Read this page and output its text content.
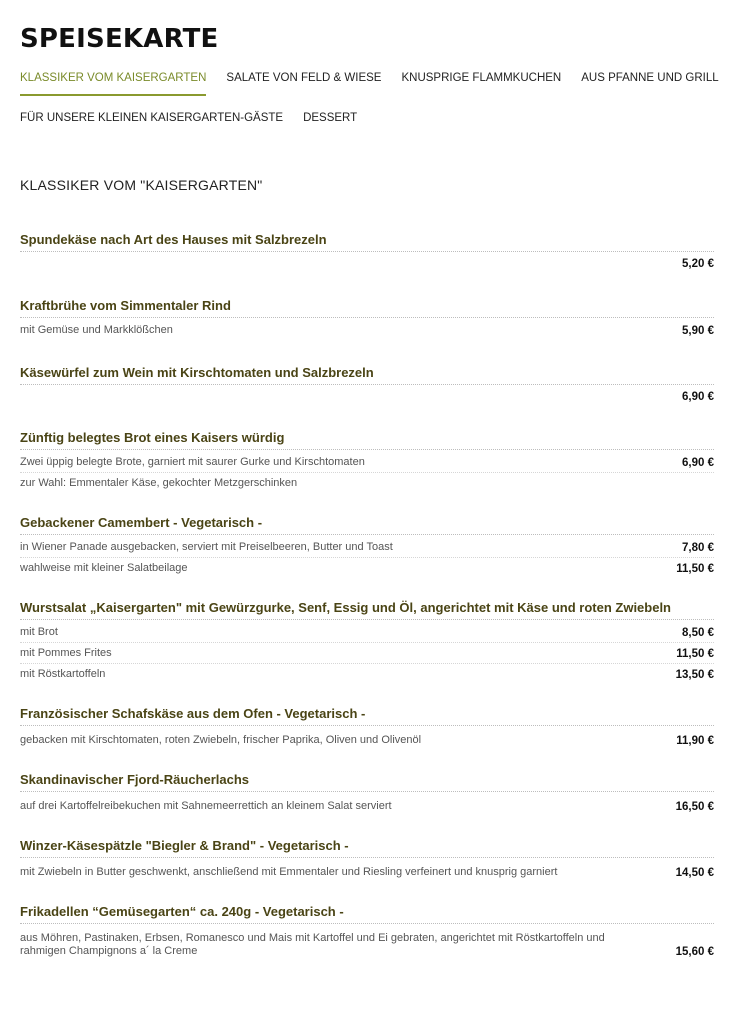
SPEISEKARTE
KLASSIKER VOM KAISERGARTEN SALATE VON FELD & WIESE KNUSPRIGE FLAMMKUCHEN AUS PFANNE UND GRILL
FÜR UNSERE KLEINEN KAISERGARTEN-GÄSTE DESSERT
KLASSIKER VOM "KAISERGARTEN"
Spundekäse nach Art des Hauses mit Salzbrezeln
5,20 €
Kraftbrühe vom Simmentaler Rind
mit Gemüse und Markklößchen	5,90 €
Käsewürfel zum Wein mit Kirschtomaten und Salzbrezeln
6,90 €
Zünftig belegtes Brot eines Kaisers würdig
Zwei üppig belegte Brote, garniert mit saurer Gurke und Kirschtomaten	6,90 €
zur Wahl: Emmentaler Käse, gekochter Metzgerschinken
Gebackener Camembert - Vegetarisch -
in Wiener Panade ausgebacken, serviert mit Preiselbeeren, Butter und Toast	7,80 €
wahlweise mit kleiner Salatbeilage	11,50 €
Wurstsalat „Kaisergarten" mit Gewürzgurke, Senf, Essig und Öl, angerichtet mit Käse und roten Zwiebeln
mit Brot	8,50 €
mit Pommes Frites	11,50 €
mit Röstkartoffeln	13,50 €
Französischer Schafskäse aus dem Ofen - Vegetarisch -
gebacken mit Kirschtomaten, roten Zwiebeln, frischer Paprika, Oliven und Olivenöl	11,90 €
Skandinavischer Fjord-Räucherlachs
auf drei Kartoffelreibekuchen mit Sahnemeerrettich an kleinem Salat serviert	16,50 €
Winzer-Käsespätzle "Biegler & Brand" - Vegetarisch -
mit Zwiebeln in Butter geschwenkt, anschließend mit Emmentaler und Riesling verfeinert und knusprig garniert	14,50 €
Frikadellen “Gemüsegarten“ ca. 240g - Vegetarisch -
aus Möhren, Pastinaken, Erbsen, Romanesco und Mais mit Kartoffel und Ei gebraten, angerichtet mit Röstkartoffeln und rahmigen Champignons a´ la Creme	15,60 €
